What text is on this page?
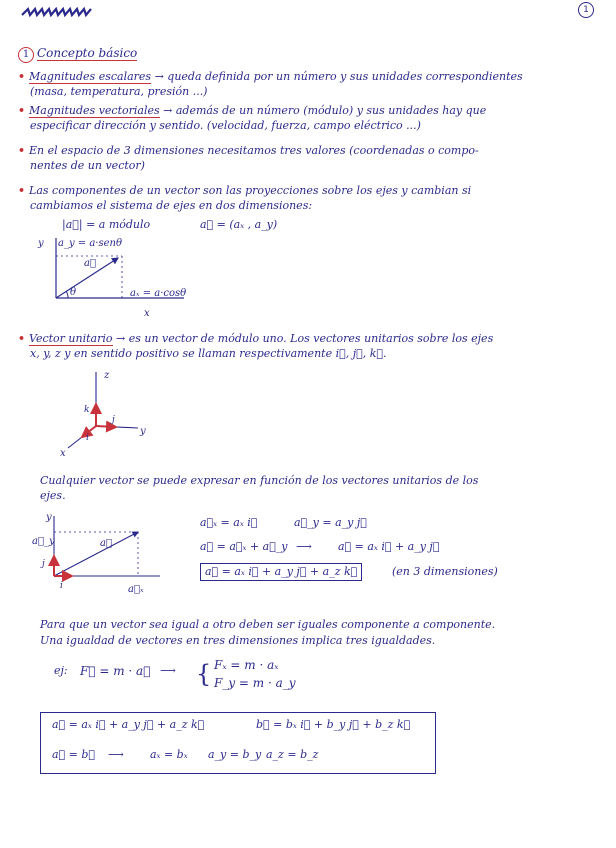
1
1 Concepto básico
• Magnitudes escalares → queda definida por un número y sus unidades correspondientes
(masa, temperatura, presión ...)
• Magnitudes vectoriales → además de un número (módulo) y sus unidades hay que
especificar dirección y sentido. (velocidad, fuerza, campo eléctrico ...)
• En el espacio de 3 dimensiones necesitamos tres valores (coordenadas o compo-
nentes de un vector)
• Las componentes de un vector son las proyecciones sobre los ejes y cambian si
cambiamos el sistema de ejes en dos dimensiones:
|a⃗| = a módulo	a⃗ = (aₓ , a_y)
y
a⃗
θ
a_y = a·senθ
aₓ = a·cosθ
x
• Vector unitario → es un vector de módulo uno. Los vectores unitarios sobre los ejes
x, y, z y en sentido positivo se llaman respectivamente i⃗, j⃗, k⃗.
z
k
j
i
y
x
Cualquier vector se puede expresar en función de los vectores unitarios de los
ejes.
y
a⃗_y	a⃗
j
i	a⃗ₓ
a⃗ₓ = aₓ i⃗	a⃗_y = a_y j⃗
a⃗ = a⃗ₓ + a⃗_y ⟶ a⃗ = aₓ i⃗ + a_y j⃗
a⃗ = aₓ i⃗ + a_y j⃗ + a_z k⃗	(en 3 dimensiones)
Para que un vector sea igual a otro deben ser iguales componente a componente.
Una igualdad de vectores en tres dimensiones implica tres igualdades.
ej: F⃗ = m · a⃗ ⟶ { Fₓ = m · aₓ
F_y = m · a_y
a⃗ = aₓ i⃗ + a_y j⃗ + a_z k⃗	b⃗ = bₓ i⃗ + b_y j⃗ + b_z k⃗
a⃗ = b⃗ ⟶ aₓ = bₓ a_y = b_y a_z = b_z
